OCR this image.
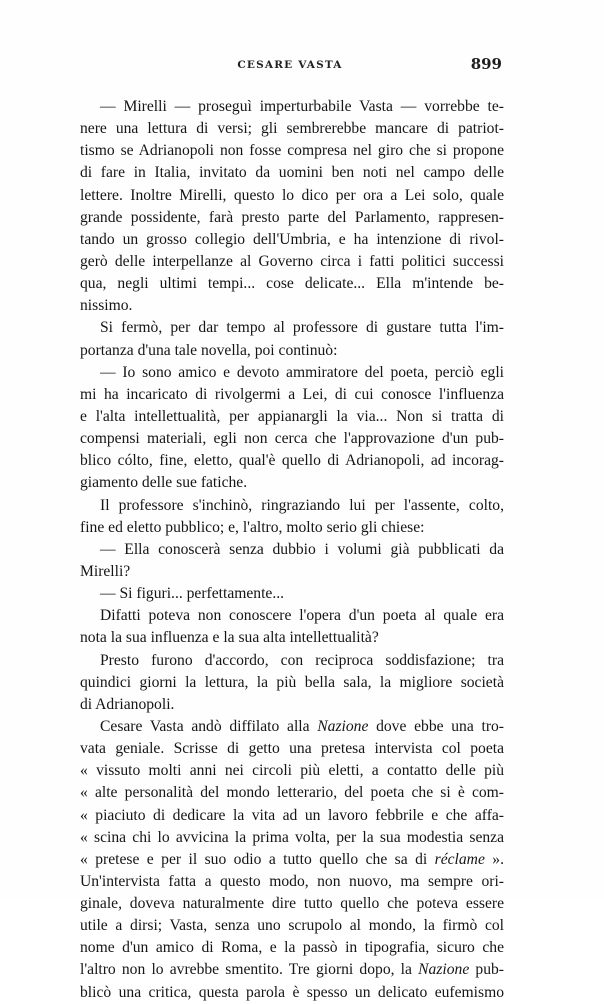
CESARE VASTA	899
— Mirelli — proseguì imperturbabile Vasta — vorrebbe te-
nere una lettura di versi; gli sembrerebbe mancare di patriot-
tismo se Adrianopoli non fosse compresa nel giro che si propone
di fare in Italia, invitato da uomini ben noti nel campo delle
lettere. Inoltre Mirelli, questo lo dico per ora a Lei solo, quale
grande possidente, farà presto parte del Parlamento, rappresen-
tando un grosso collegio dell'Umbria, e ha intenzione di rivol-
gerò delle interpellanze al Governo circa i fatti politici successi
qua, negli ultimi tempi... cose delicate... Ella m'intende be-
nissimo.
Si fermò, per dar tempo al professore di gustare tutta l'im-
portanza d'una tale novella, poi continuò:
— Io sono amico e devoto ammiratore del poeta, perciò egli
mi ha incaricato di rivolgermi a Lei, di cui conosce l'influenza
e l'alta intellettualità, per appianargli la via... Non si tratta di
compensi materiali, egli non cerca che l'approvazione d'un pub-
blico cólto, fine, eletto, qual'è quello di Adrianopoli, ad incorag-
giamento delle sue fatiche.
Il professore s'inchinò, ringraziando lui per l'assente, colto,
fine ed eletto pubblico; e, l'altro, molto serio gli chiese:
— Ella conoscerà senza dubbio i volumi già pubblicati da
Mirelli?
— Si figuri... perfettamente...
Difatti poteva non conoscere l'opera d'un poeta al quale era
nota la sua influenza e la sua alta intellettualità?
Presto furono d'accordo, con reciproca soddisfazione; tra
quindici giorni la lettura, la più bella sala, la migliore società
di Adrianopoli.
Cesare Vasta andò diffilato alla Nazione dove ebbe una tro-
vata geniale. Scrisse di getto una pretesa intervista col poeta
« vissuto molti anni nei circoli più eletti, a contatto delle più
« alte personalità del mondo letterario, del poeta che si è com-
« piaciuto di dedicare la vita ad un lavoro febbrile e che affa-
« scina chi lo avvicina la prima volta, per la sua modestia senza
« pretese e per il suo odio a tutto quello che sa di réclame ».
Un'intervista fatta a questo modo, non nuovo, ma sempre ori-
ginale, doveva naturalmente dire tutto quello che poteva essere
utile a dirsi; Vasta, senza uno scrupolo al mondo, la firmò col
nome d'un amico di Roma, e la passò in tipografia, sicuro che
l'altro non lo avrebbe smentito. Tre giorni dopo, la Nazione pub-
blicò una critica, questa parola è spesso un delicato eufemismo
